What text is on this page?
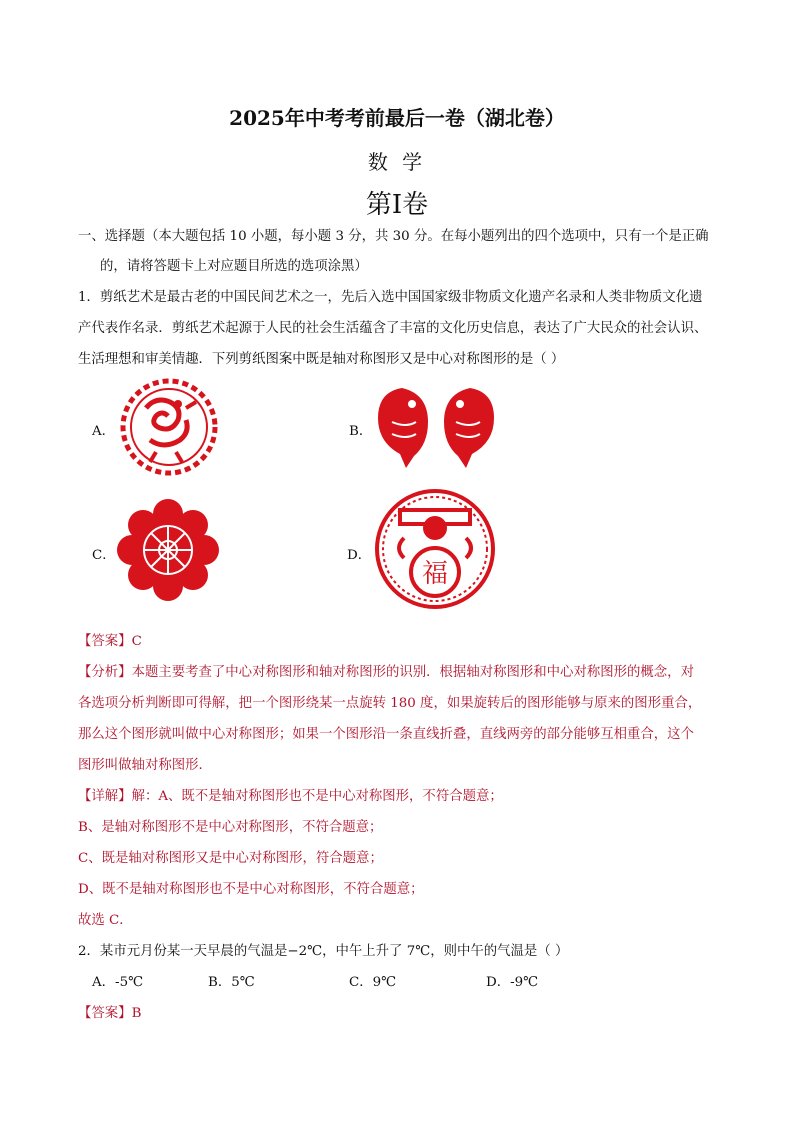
2025年中考考前最后一卷（湖北卷）
数 学
第Ⅰ卷
一、选择题（本大题包括 10 小题，每小题 3 分，共 30 分。在每小题列出的四个选项中，只有一个是正确
的，请将答题卡上对应题目所选的选项涂黑）
1．剪纸艺术是最古老的中国民间艺术之一，先后入选中国国家级非物质文化遗产名录和人类非物质文化遗
产代表作名录．剪纸艺术起源于人民的社会生活蕴含了丰富的文化历史信息，表达了广大民众的社会认识、
生活理想和审美情趣．下列剪纸图案中既是轴对称图形又是中心对称图形的是（ ）
A．	B．
C．	D．
福
【答案】C
【分析】本题主要考查了中心对称图形和轴对称图形的识别．根据轴对称图形和中心对称图形的概念，对
各选项分析判断即可得解，把一个图形绕某一点旋转 180 度，如果旋转后的图形能够与原来的图形重合，
那么这个图形就叫做中心对称图形；如果一个图形沿一条直线折叠，直线两旁的部分能够互相重合，这个
图形叫做轴对称图形．
【详解】解：A、既不是轴对称图形也不是中心对称图形，不符合题意；
B、是轴对称图形不是中心对称图形，不符合题意；
C、既是轴对称图形又是中心对称图形，符合题意；
D、既不是轴对称图形也不是中心对称图形，不符合题意；
故选 C．
2．某市元月份某一天早晨的气温是−2℃，中午上升了 7℃，则中午的气温是（ ）
A．-5℃	B．5℃	C．9℃	D．-9℃
【答案】B
